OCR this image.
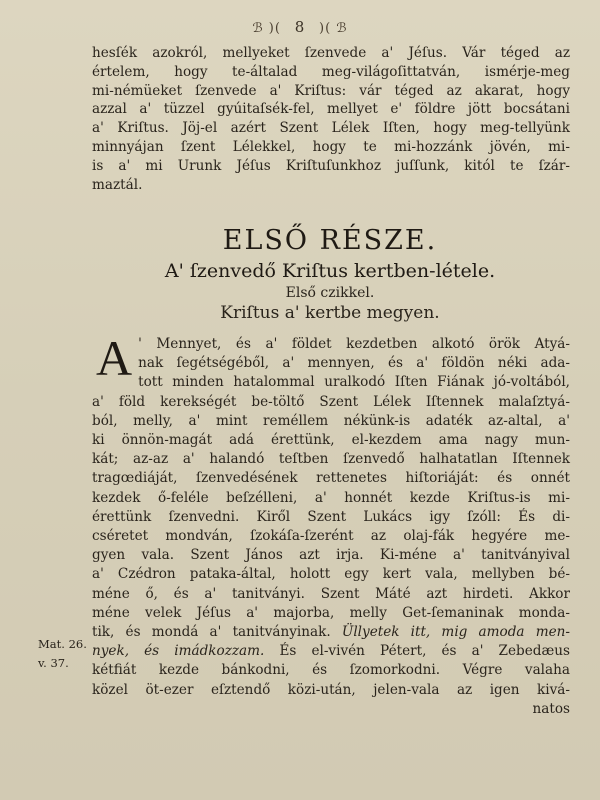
ℬ )( 8 )( ℬ
hesſék azokról, mellyeket ſzenvede a' Jéſus. Vár téged az
értelem, hogy te-általad meg-világoſittatván, ismérje-meg
mi-némüeket ſzenvede a' Kriſtus: vár téged az akarat, hogy
azzal a' tüzzel gyúitaſsék-fel, mellyet e' földre jött bocsátani
a' Kriſtus. Jöj-el azért Szent Lélek Iſten, hogy meg-tellyünk
minnyájan ſzent Lélekkel, hogy te mi-hozzánk jövén, mi-
is a' mi Urunk Jéſus Kriſtuſunkhoz juſſunk, kitól te ſzár-
maztál.
ELSŐ RÉSZE.
A' ſzenvedő Kriſtus kertben-létele.
Első czikkel.
Kriſtus a' kertbe megyen.
A ' Mennyet, és a' földet kezdetben alkotó örök Atyá-
nak ſegétségéből, a' mennyen, és a' földön néki ada-
tott minden hatalommal uralkodó Iſten Fiának jó-voltából,
a' föld kerekségét be-töltő Szent Lélek Iſtennek malaſztyá-
ból, melly, a' mint reméllem nékünk-is adaték az-altal, a'
ki önnön-magát adá érettünk, el-kezdem ama nagy mun-
kát; az-az a' halandó teſtben ſzenvedő halhatatlan Iſtennek
tragœdiáját, ſzenvedésének rettenetes hiſtoriáját: és onnét
kezdek ő-feléle beſzélleni, a' honnét kezde Kriſtus-is mi-
érettünk ſzenvedni. Kiről Szent Lukács igy ſzóll: És di-
cséretet mondván, ſzokáſa-ſzerént az olaj-fák hegyére me-
gyen vala. Szent János azt irja. Ki-méne a' tanitványival
a' Czédron pataka-által, holott egy kert vala, mellyben bé-
méne ő, és a' tanitványi. Szent Máté azt hirdeti. Akkor
méne velek Jéſus a' majorba, melly Get-ſemaninak monda-
tik, és mondá a' tanitványinak. Üllyetek itt, mig amoda men-
nyek, és imádkozzam. És el-vivén Pétert, és a' Zebedæus
kétfiát kezde bánkodni, és ſzomorkodni. Végre valaha
közel öt-ezer eſztendő közi-után, jelen-vala az igen kivá-
natos
Mat. 26.
v. 37.
